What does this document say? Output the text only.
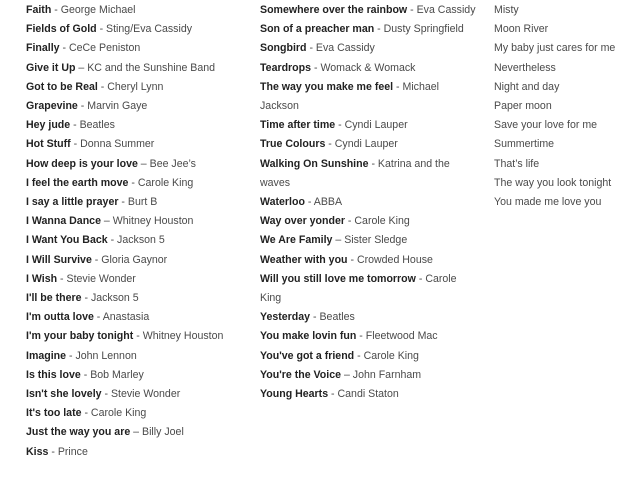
Faith - George Michael
Fields of Gold - Sting/Eva Cassidy
Finally - CeCe Peniston
Give it Up – KC and the Sunshine Band
Got to be Real - Cheryl Lynn
Grapevine - Marvin Gaye
Hey jude - Beatles
Hot Stuff - Donna Summer
How deep is your love – Bee Jee’s
I feel the earth move - Carole King
I say a little prayer - Burt B
I Wanna Dance – Whitney Houston
I Want You Back - Jackson 5
I Will Survive - Gloria Gaynor
I Wish - Stevie Wonder
I'll be there - Jackson 5
I'm outta love - Anastasia
I'm your baby tonight - Whitney Houston
Imagine - John Lennon
Is this love - Bob Marley
Isn't she lovely - Stevie Wonder
It's too late - Carole King
Just the way you are – Billy Joel
Kiss - Prince
Somewhere over the rainbow - Eva Cassidy
Son of a preacher man - Dusty Springfield
Songbird - Eva Cassidy
Teardrops - Womack & Womack
The way you make me feel - Michael Jackson
Time after time - Cyndi Lauper
True Colours - Cyndi Lauper
Walking On Sunshine - Katrina and the waves
Waterloo - ABBA
Way over yonder - Carole King
We Are Family – Sister Sledge
Weather with you - Crowded House
Will you still love me tomorrow - Carole King
Yesterday - Beatles
You make lovin fun - Fleetwood Mac
You've got a friend - Carole King
You're the Voice – John Farnham
Young Hearts - Candi Staton
Misty
Moon River
My baby just cares for me
Nevertheless
Night and day
Paper moon
Save your love for me
Summertime
That’s life
The way you look tonight
You made me love you
